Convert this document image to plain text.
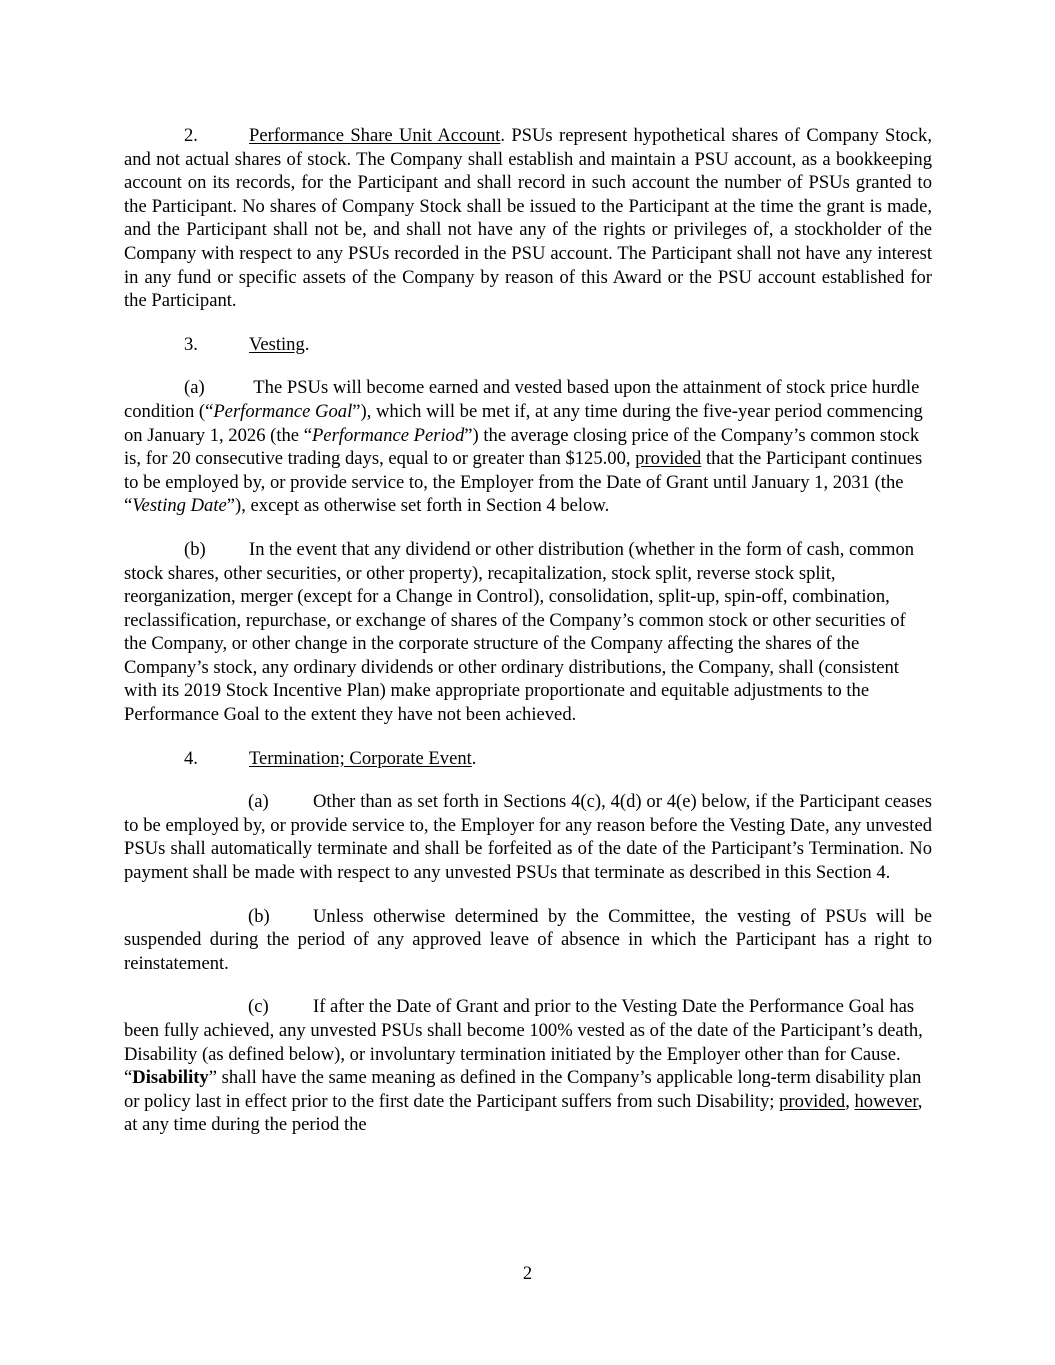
2.	Performance Share Unit Account. PSUs represent hypothetical shares of Company Stock, and not actual shares of stock. The Company shall establish and maintain a PSU account, as a bookkeeping account on its records, for the Participant and shall record in such account the number of PSUs granted to the Participant. No shares of Company Stock shall be issued to the Participant at the time the grant is made, and the Participant shall not be, and shall not have any of the rights or privileges of, a stockholder of the Company with respect to any PSUs recorded in the PSU account. The Participant shall not have any interest in any fund or specific assets of the Company by reason of this Award or the PSU account established for the Participant.

3.	Vesting.

(a) The PSUs will become earned and vested based upon the attainment of stock price hurdle condition (“Performance Goal”), which will be met if, at any time during the five-year period commencing on January 1, 2026 (the “Performance Period”) the average closing price of the Company’s common stock is, for 20 consecutive trading days, equal to or greater than $125.00, provided that the Participant continues to be employed by, or provide service to, the Employer from the Date of Grant until January 1, 2031 (the “Vesting Date”), except as otherwise set forth in Section 4 below.

(b) In the event that any dividend or other distribution (whether in the form of cash, common stock shares, other securities, or other property), recapitalization, stock split, reverse stock split, reorganization, merger (except for a Change in Control), consolidation, split-up, spin-off, combination, reclassification, repurchase, or exchange of shares of the Company’s common stock or other securities of the Company, or other change in the corporate structure of the Company affecting the shares of the Company’s stock, any ordinary dividends or other ordinary distributions, the Company, shall (consistent with its 2019 Stock Incentive Plan) make appropriate proportionate and equitable adjustments to the Performance Goal to the extent they have not been achieved.

4.	Termination; Corporate Event.

(a) Other than as set forth in Sections 4(c), 4(d) or 4(e) below, if the Participant ceases to be employed by, or provide service to, the Employer for any reason before the Vesting Date, any unvested PSUs shall automatically terminate and shall be forfeited as of the date of the Participant’s Termination. No payment shall be made with respect to any unvested PSUs that terminate as described in this Section 4.

(b) Unless otherwise determined by the Committee, the vesting of PSUs will be suspended during the period of any approved leave of absence in which the Participant has a right to reinstatement.

(c) If after the Date of Grant and prior to the Vesting Date the Performance Goal has been fully achieved, any unvested PSUs shall become 100% vested as of the date of the Participant’s death, Disability (as defined below), or involuntary termination initiated by the Employer other than for Cause. “Disability” shall have the same meaning as defined in the Company’s applicable long-term disability plan or policy last in effect prior to the first date the Participant suffers from such Disability; provided, however, at any time during the period the

2
